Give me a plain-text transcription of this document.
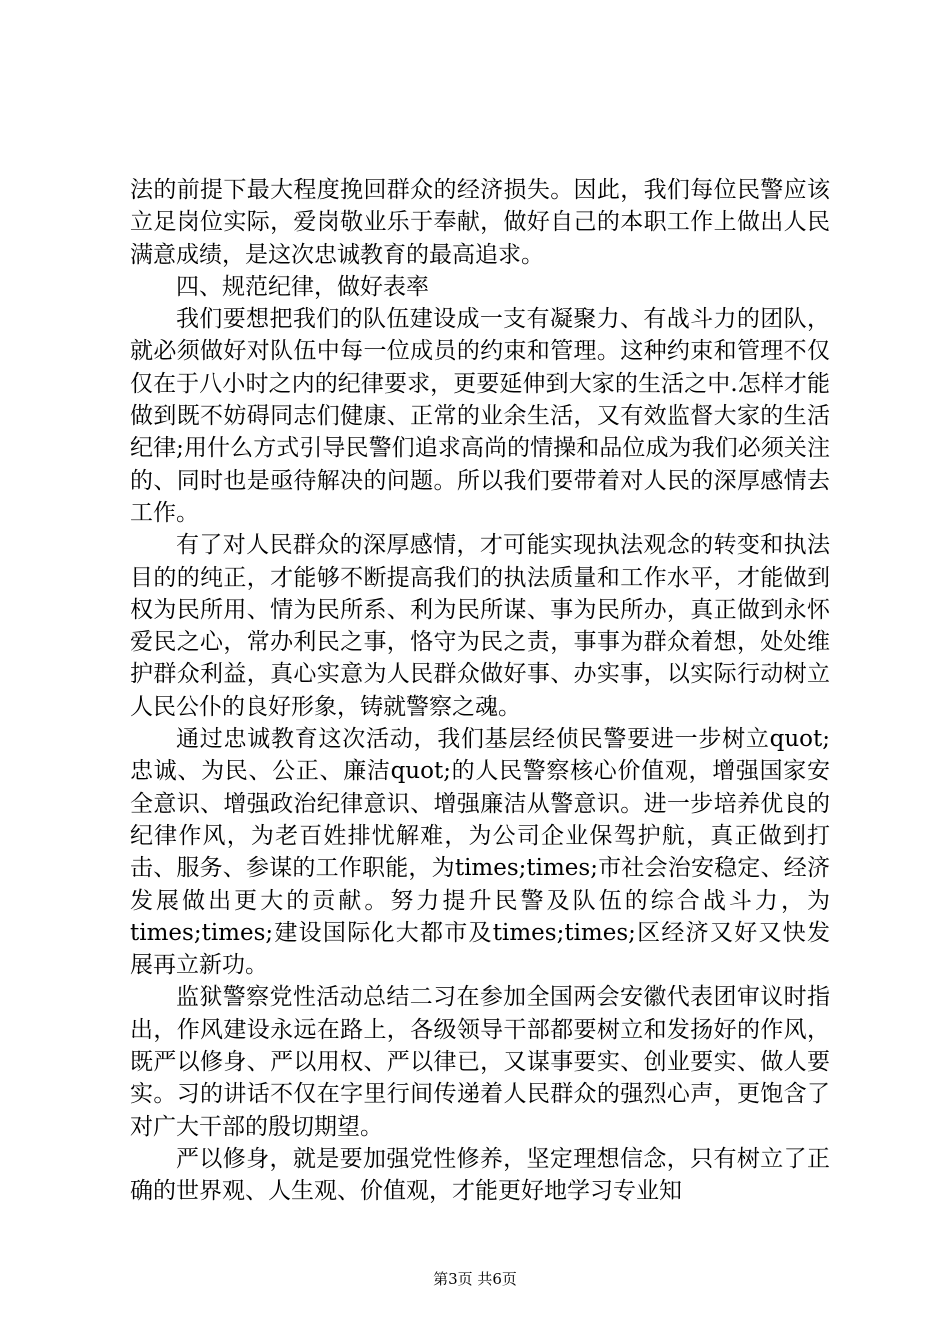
法的前提下最大程度挽回群众的经济损失。因此，我们每位民警应该立足岗位实际，爱岗敬业乐于奉献，做好自己的本职工作上做出人民满意成绩，是这次忠诚教育的最高追求。

四、规范纪律，做好表率

我们要想把我们的队伍建设成一支有凝聚力、有战斗力的团队，就必须做好对队伍中每一位成员的约束和管理。这种约束和管理不仅仅在于八小时之内的纪律要求，更要延伸到大家的生活之中.怎样才能做到既不妨碍同志们健康、正常的业余生活，又有效监督大家的生活纪律;用什么方式引导民警们追求高尚的情操和品位成为我们必须关注的、同时也是亟待解决的问题。所以我们要带着对人民的深厚感情去工作。

有了对人民群众的深厚感情，才可能实现执法观念的转变和执法目的的纯正，才能够不断提高我们的执法质量和工作水平，才能做到权为民所用、情为民所系、利为民所谋、事为民所办，真正做到永怀爱民之心，常办利民之事，恪守为民之责，事事为群众着想，处处维护群众利益，真心实意为人民群众做好事、办实事，以实际行动树立人民公仆的良好形象，铸就警察之魂。

通过忠诚教育这次活动，我们基层经侦民警要进一步树立quot;忠诚、为民、公正、廉洁quot;的人民警察核心价值观，增强国家安全意识、增强政治纪律意识、增强廉洁从警意识。进一步培养优良的纪律作风，为老百姓排忧解难，为公司企业保驾护航，真正做到打击、服务、参谋的工作职能，为times;times;市社会治安稳定、经济发展做出更大的贡献。努力提升民警及队伍的综合战斗力，为times;times;建设国际化大都市及times;times;区经济又好又快发展再立新功。

监狱警察党性活动总结二习在参加全国两会安徽代表团审议时指出，作风建设永远在路上，各级领导干部都要树立和发扬好的作风，既严以修身、严以用权、严以律已，又谋事要实、创业要实、做人要实。习的讲话不仅在字里行间传递着人民群众的强烈心声，更饱含了对广大干部的殷切期望。

严以修身，就是要加强党性修养，坚定理想信念，只有树立了正确的世界观、人生观、价值观，才能更好地学习专业知

第3页 共6页
